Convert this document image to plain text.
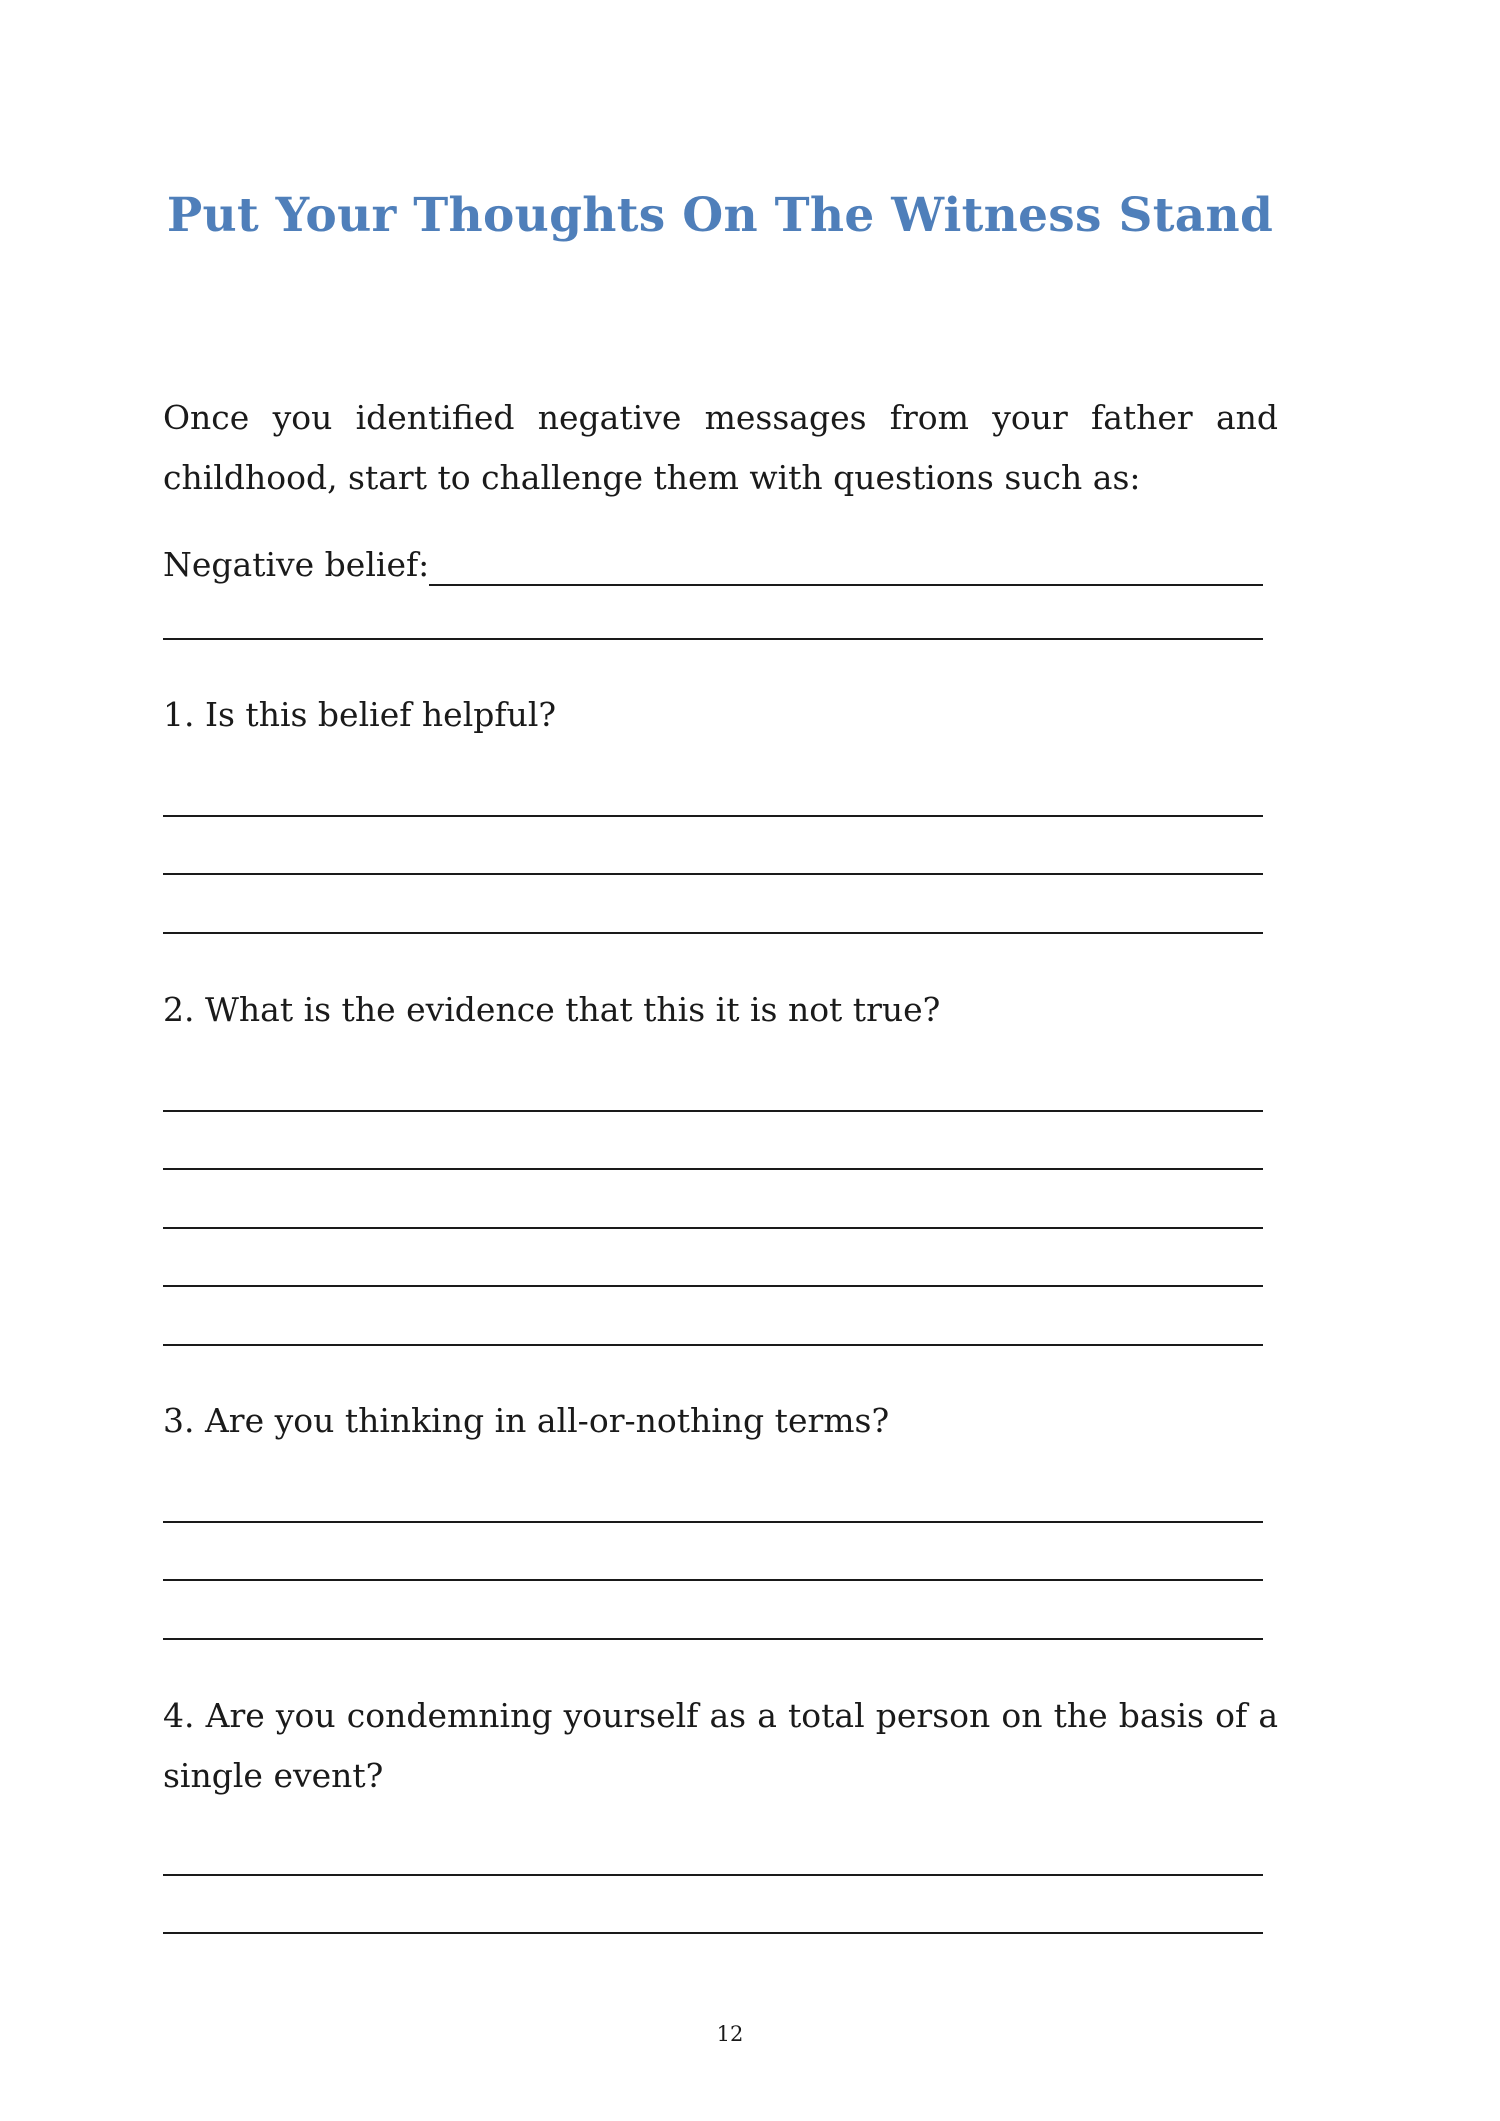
Put Your Thoughts On The Witness Stand

Once you identified negative messages from your father and childhood, start to challenge them with questions such as:

Negative belief:

1. Is this belief helpful?

2. What is the evidence that this it is not true?

3. Are you thinking in all-or-nothing terms?

4. Are you condemning yourself as a total person on the basis of a single event?

12
